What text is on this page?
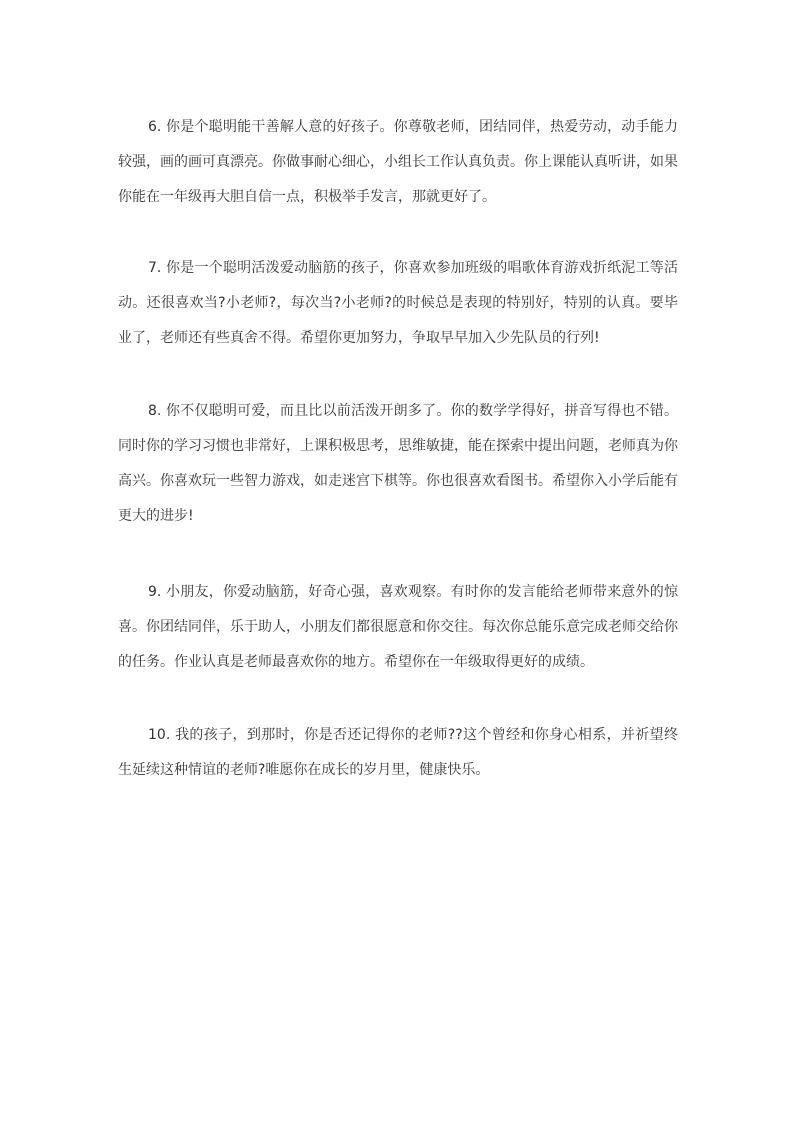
6. 你是个聪明能干善解人意的好孩子。你尊敬老师，团结同伴，热爱劳动，动手能力较强，画的画可真漂亮。你做事耐心细心，小组长工作认真负责。你上课能认真听讲，如果你能在一年级再大胆自信一点，积极举手发言，那就更好了。

7. 你是一个聪明活泼爱动脑筋的孩子，你喜欢参加班级的唱歌体育游戏折纸泥工等活动。还很喜欢当?小老师?，每次当?小老师?的时候总是表现的特别好，特别的认真。要毕业了，老师还有些真舍不得。希望你更加努力，争取早早加入少先队员的行列!

8. 你不仅聪明可爱，而且比以前活泼开朗多了。你的数学学得好，拼音写得也不错。同时你的学习习惯也非常好，上课积极思考，思维敏捷，能在探索中提出问题，老师真为你高兴。你喜欢玩一些智力游戏，如走迷宫下棋等。你也很喜欢看图书。希望你入小学后能有更大的进步!

9. 小朋友，你爱动脑筋，好奇心强，喜欢观察。有时你的发言能给老师带来意外的惊喜。你团结同伴，乐于助人，小朋友们都很愿意和你交往。每次你总能乐意完成老师交给你的任务。作业认真是老师最喜欢你的地方。希望你在一年级取得更好的成绩。

10. 我的孩子，到那时，你是否还记得你的老师??这个曾经和你身心相系，并祈望终生延续这种情谊的老师?唯愿你在成长的岁月里，健康快乐。
